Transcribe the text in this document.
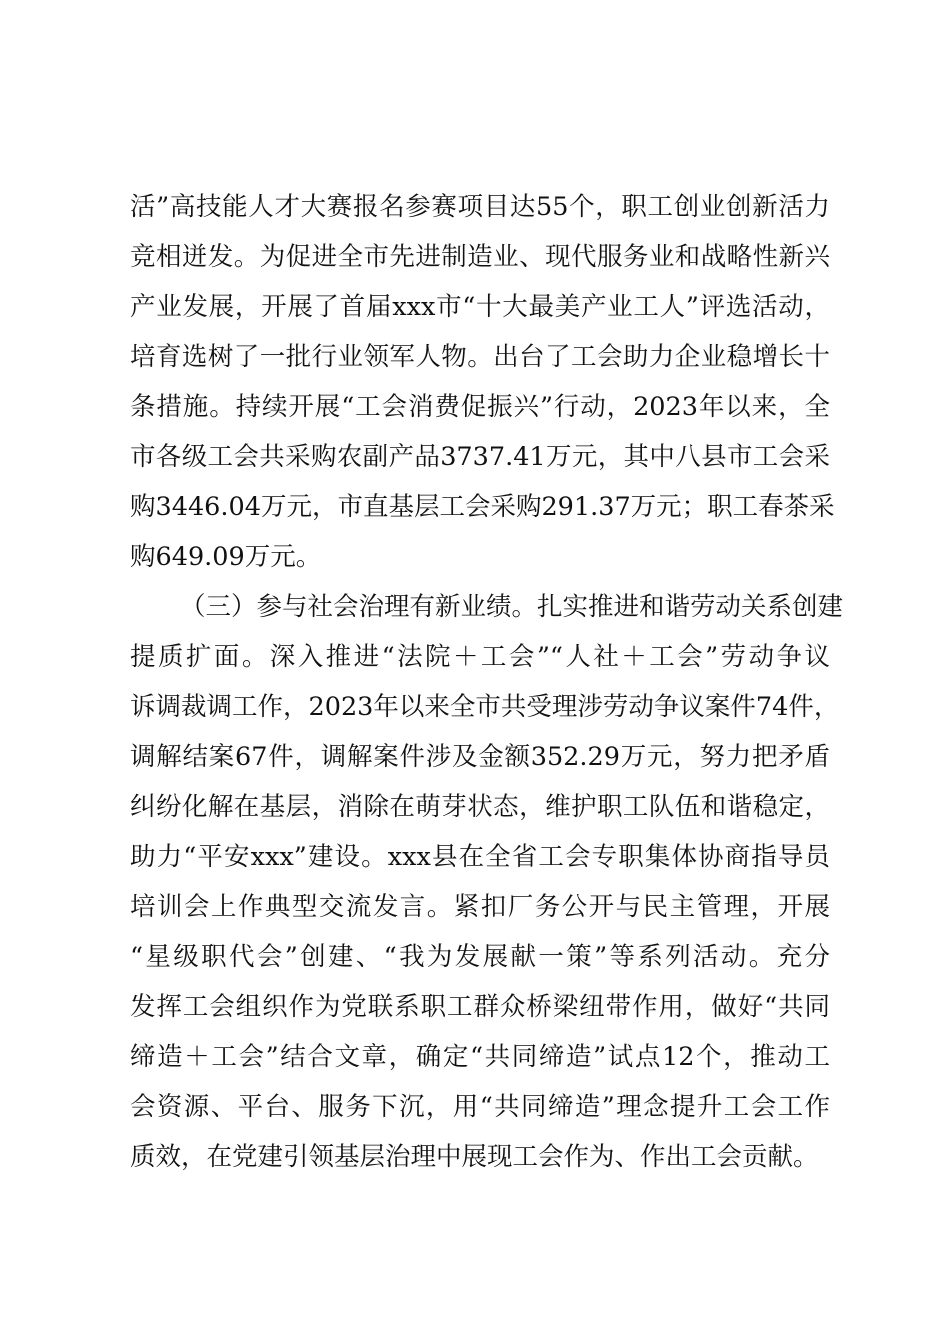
活”高技能人才大赛报名参赛项目达55个，职工创业创新活力
竞相迸发。为促进全市先进制造业、现代服务业和战略性新兴
产业发展，开展了首届xxx市“十大最美产业工人”评选活动，
培育选树了一批行业领军人物。出台了工会助力企业稳增长十
条措施。持续开展“工会消费促振兴”行动，2023年以来，全
市各级工会共采购农副产品3737.41万元，其中八县市工会采
购3446.04万元，市直基层工会采购291.37万元；职工春茶采
购649.09万元。
（三）参与社会治理有新业绩。扎实推进和谐劳动关系创建
提质扩面。深入推进“法院＋工会”“人社＋工会”劳动争议
诉调裁调工作，2023年以来全市共受理涉劳动争议案件74件，
调解结案67件，调解案件涉及金额352.29万元，努力把矛盾
纠纷化解在基层，消除在萌芽状态，维护职工队伍和谐稳定，
助力“平安xxx”建设。xxx县在全省工会专职集体协商指导员
培训会上作典型交流发言。紧扣厂务公开与民主管理，开展
“星级职代会”创建、“我为发展献一策”等系列活动。充分
发挥工会组织作为党联系职工群众桥梁纽带作用，做好“共同
缔造＋工会”结合文章，确定“共同缔造”试点12个，推动工
会资源、平台、服务下沉，用“共同缔造”理念提升工会工作
质效，在党建引领基层治理中展现工会作为、作出工会贡献。
